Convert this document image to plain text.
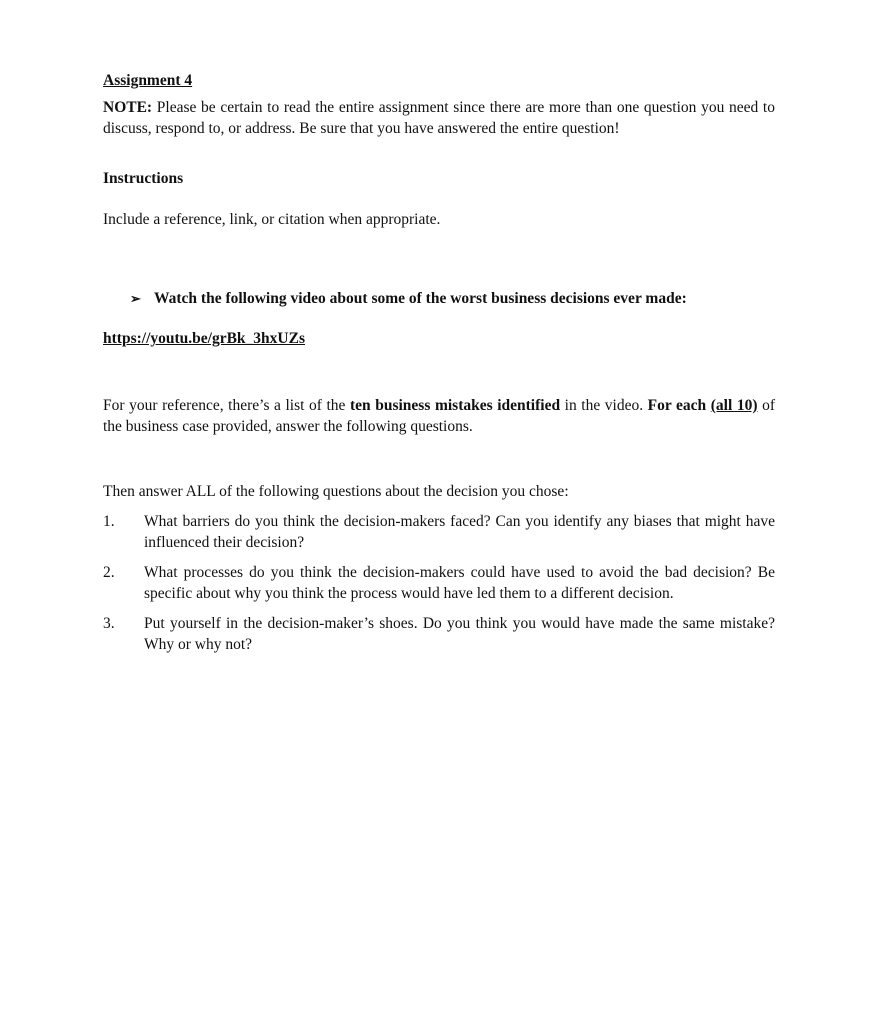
Assignment 4

NOTE: Please be certain to read the entire assignment since there are more than one question you need to discuss, respond to, or address. Be sure that you have answered the entire question!

Instructions

Include a reference, link, or citation when appropriate.

➢ Watch the following video about some of the worst business decisions ever made:
https://youtu.be/grBk_3hxUZs

For your reference, there’s a list of the ten business mistakes identified in the video. For each (all 10) of the business case provided, answer the following questions.

Then answer ALL of the following questions about the decision you chose:

1.	What barriers do you think the decision-makers faced? Can you identify any biases that might have influenced their decision?
2.	What processes do you think the decision-makers could have used to avoid the bad decision? Be specific about why you think the process would have led them to a different decision.
3.	Put yourself in the decision-maker’s shoes. Do you think you would have made the same mistake? Why or why not?
